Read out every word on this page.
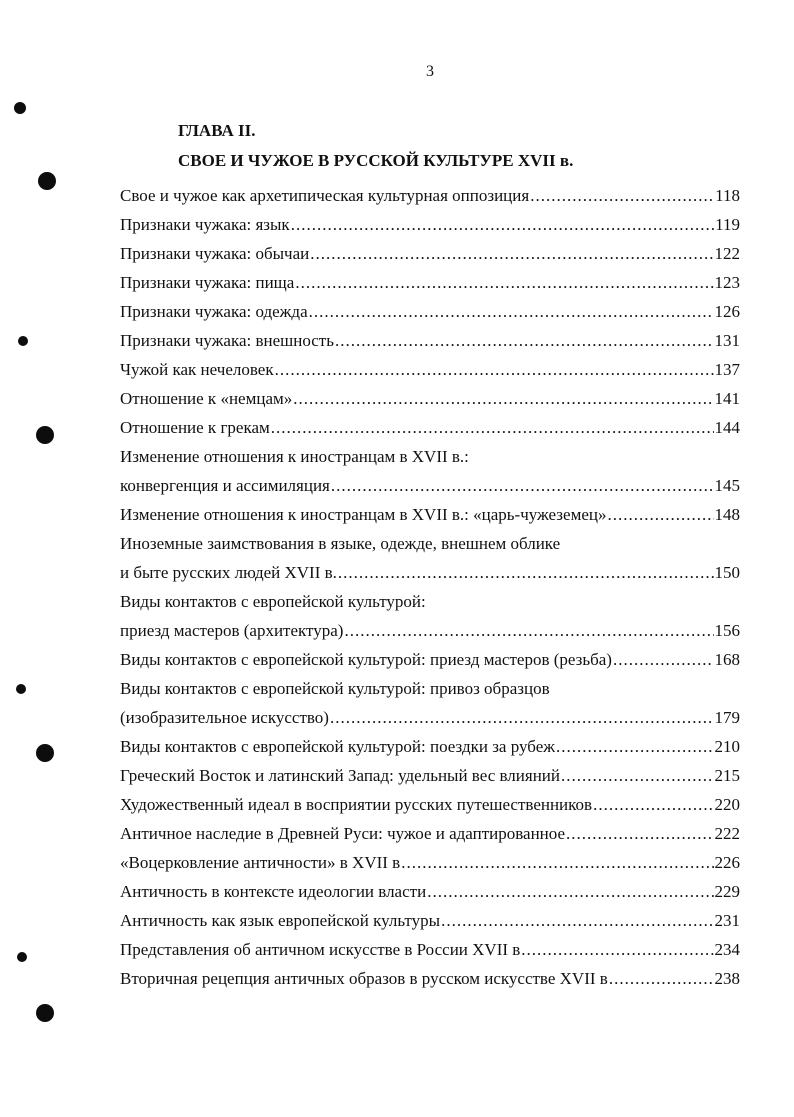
3
ГЛАВА II.
СВОЕ И ЧУЖОЕ В РУССКОЙ КУЛЬТУРЕ XVII в.
Свое и чужое как архетипическая культурная оппозиция .....	118
Признаки чужака: язык .....	119
Признаки чужака: обычаи .....	122
Признаки чужака: пища .....	123
Признаки чужака: одежда .....	126
Признаки чужака: внешность .....	131
Чужой как нечеловек .....	137
Отношение к «немцам» .....	141
Отношение к грекам .....	144
Изменение отношения к иностранцам в XVII в.:
конвергенция и ассимиляция .....	145
Изменение отношения к иностранцам в XVII в.: «царь-чужеземец» .....	148
Иноземные заимствования в языке, одежде, внешнем облике
и быте русских людей XVII в. .....	150
Виды контактов с европейской культурой:
приезд мастеров (архитектура) .....	156
Виды контактов с европейской культурой: приезд мастеров (резьба) .....	168
Виды контактов с европейской культурой: привоз образцов
(изобразительное искусство) .....	179
Виды контактов с европейской культурой: поездки за рубеж .....	210
Греческий Восток и латинский Запад: удельный вес влияний .....	215
Художественный идеал в восприятии русских путешественников .....	220
Античное наследие в Древней Руси: чужое и адаптированное .....	222
«Воцерковление античности» в XVII в .....	226
Античность в контексте идеологии власти .....	229
Античность как язык европейской культуры .....	231
Представления об античном искусстве в России XVII в .....	234
Вторичная рецепция античных образов в русском искусстве XVII в .....	238
